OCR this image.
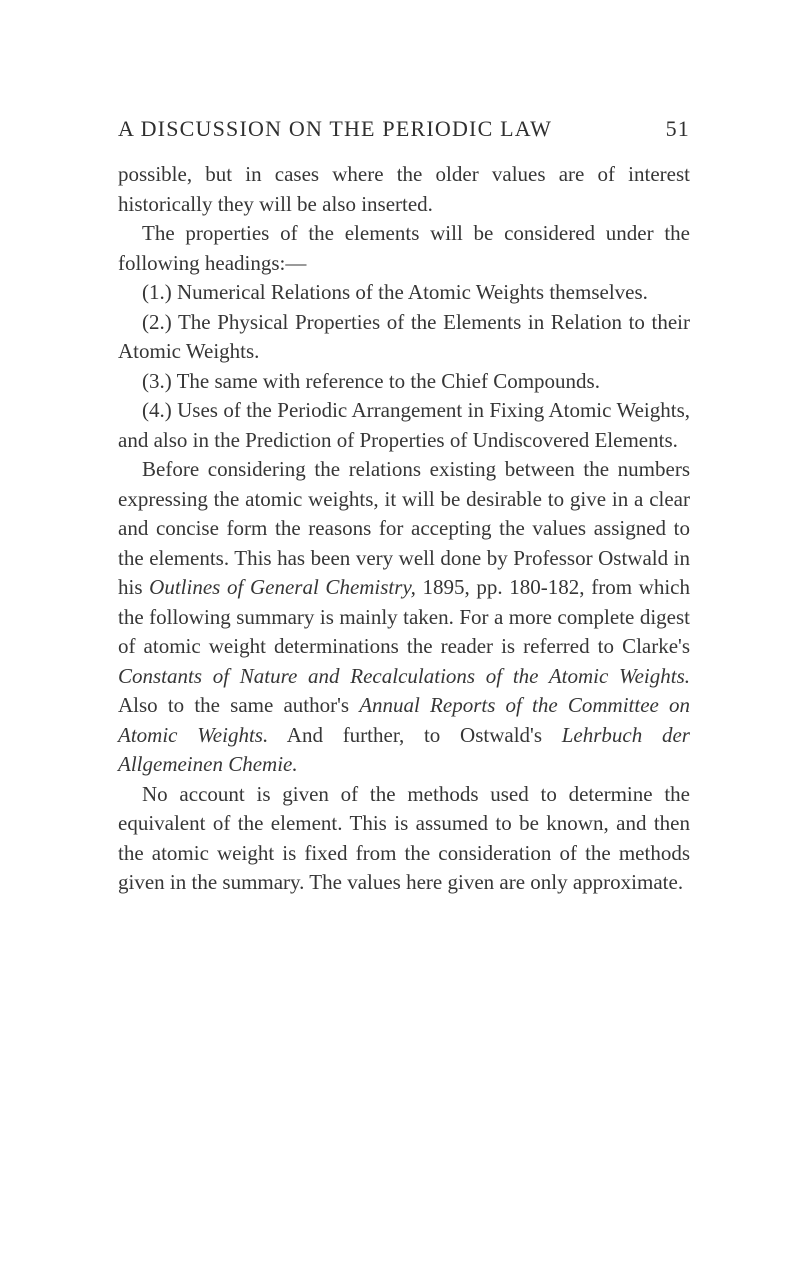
A DISCUSSION ON THE PERIODIC LAW	51

possible, but in cases where the older values are of interest historically they will be also inserted.

The properties of the elements will be considered under the following headings:—

(1.) Numerical Relations of the Atomic Weights themselves.

(2.) The Physical Properties of the Elements in Relation to their Atomic Weights.

(3.) The same with reference to the Chief Compounds.

(4.) Uses of the Periodic Arrangement in Fixing Atomic Weights, and also in the Prediction of Properties of Undiscovered Elements.

Before considering the relations existing between the numbers expressing the atomic weights, it will be desirable to give in a clear and concise form the reasons for accepting the values assigned to the elements. This has been very well done by Professor Ostwald in his Outlines of General Chemistry, 1895, pp. 180-182, from which the following summary is mainly taken. For a more complete digest of atomic weight determinations the reader is referred to Clarke's Constants of Nature and Recalculations of the Atomic Weights. Also to the same author's Annual Reports of the Committee on Atomic Weights. And further, to Ostwald's Lehrbuch der Allgemeinen Chemie.

No account is given of the methods used to determine the equivalent of the element. This is assumed to be known, and then the atomic weight is fixed from the consideration of the methods given in the summary. The values here given are only approximate.
